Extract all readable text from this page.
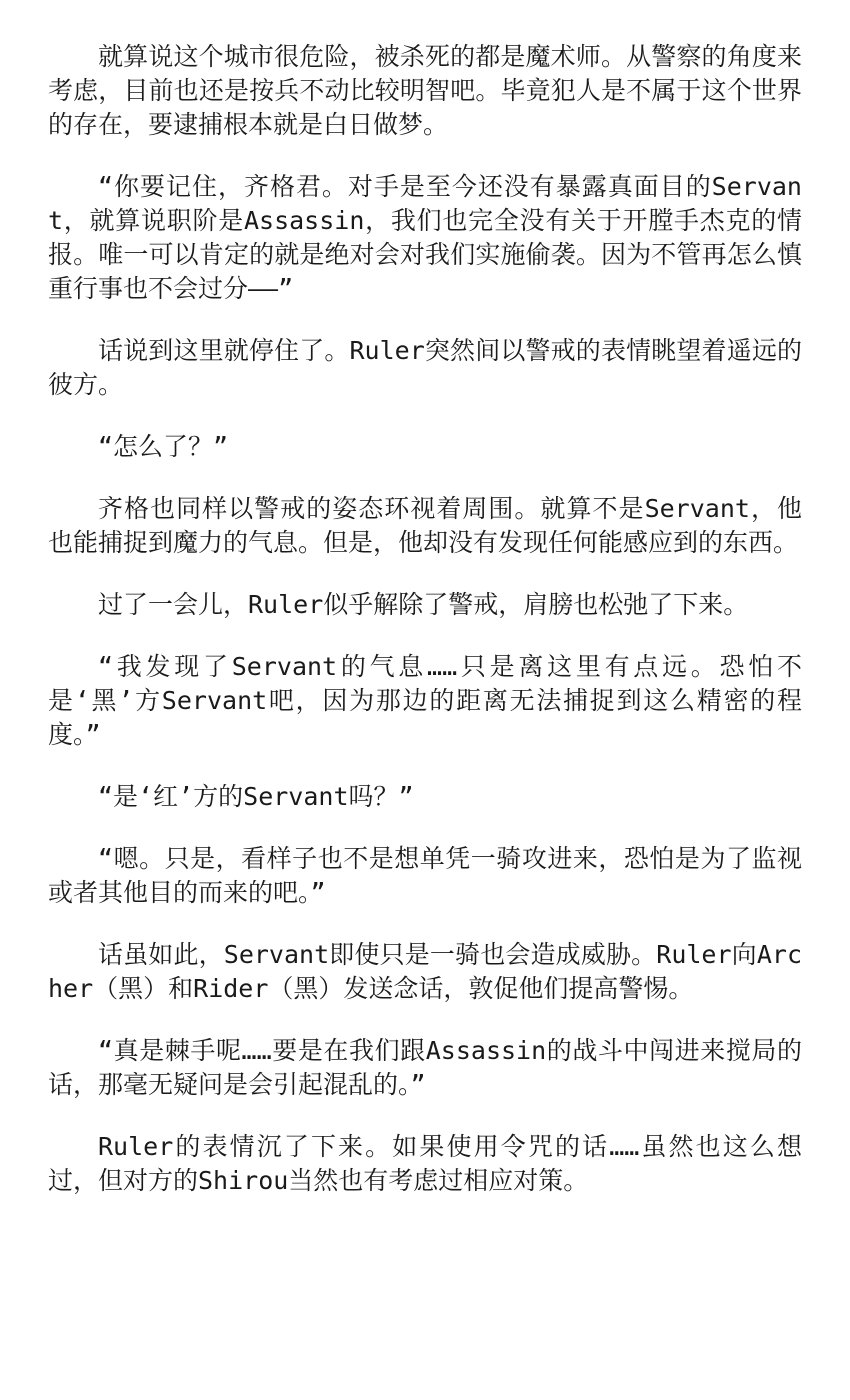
就算说这个城市很危险，被杀死的都是魔术师。从警察的角度来考虑，目前也还是按兵不动比较明智吧。毕竟犯人是不属于这个世界的存在，要逮捕根本就是白日做梦。

“你要记住，齐格君。对手是至今还没有暴露真面目的Servant，就算说职阶是Assassin，我们也完全没有关于开膛手杰克的情报。唯一可以肯定的就是绝对会对我们实施偷袭。因为不管再怎么慎重行事也不会过分——”

话说到这里就停住了。Ruler突然间以警戒的表情眺望着遥远的彼方。

“怎么了？”

齐格也同样以警戒的姿态环视着周围。就算不是Servant，他也能捕捉到魔力的气息。但是，他却没有发现任何能感应到的东西。

过了一会儿，Ruler似乎解除了警戒，肩膀也松弛了下来。

“我发现了Servant的气息……只是离这里有点远。恐怕不是‘黑’方Servant吧，因为那边的距离无法捕捉到这么精密的程度。”

“是‘红’方的Servant吗？”

“嗯。只是，看样子也不是想单凭一骑攻进来，恐怕是为了监视或者其他目的而来的吧。”

话虽如此，Servant即使只是一骑也会造成威胁。Ruler向Archer（黑）和Rider（黑）发送念话，敦促他们提高警惕。

“真是棘手呢……要是在我们跟Assassin的战斗中闯进来搅局的话，那毫无疑问是会引起混乱的。”

Ruler的表情沉了下来。如果使用令咒的话……虽然也这么想过，但对方的Shirou当然也有考虑过相应对策。
